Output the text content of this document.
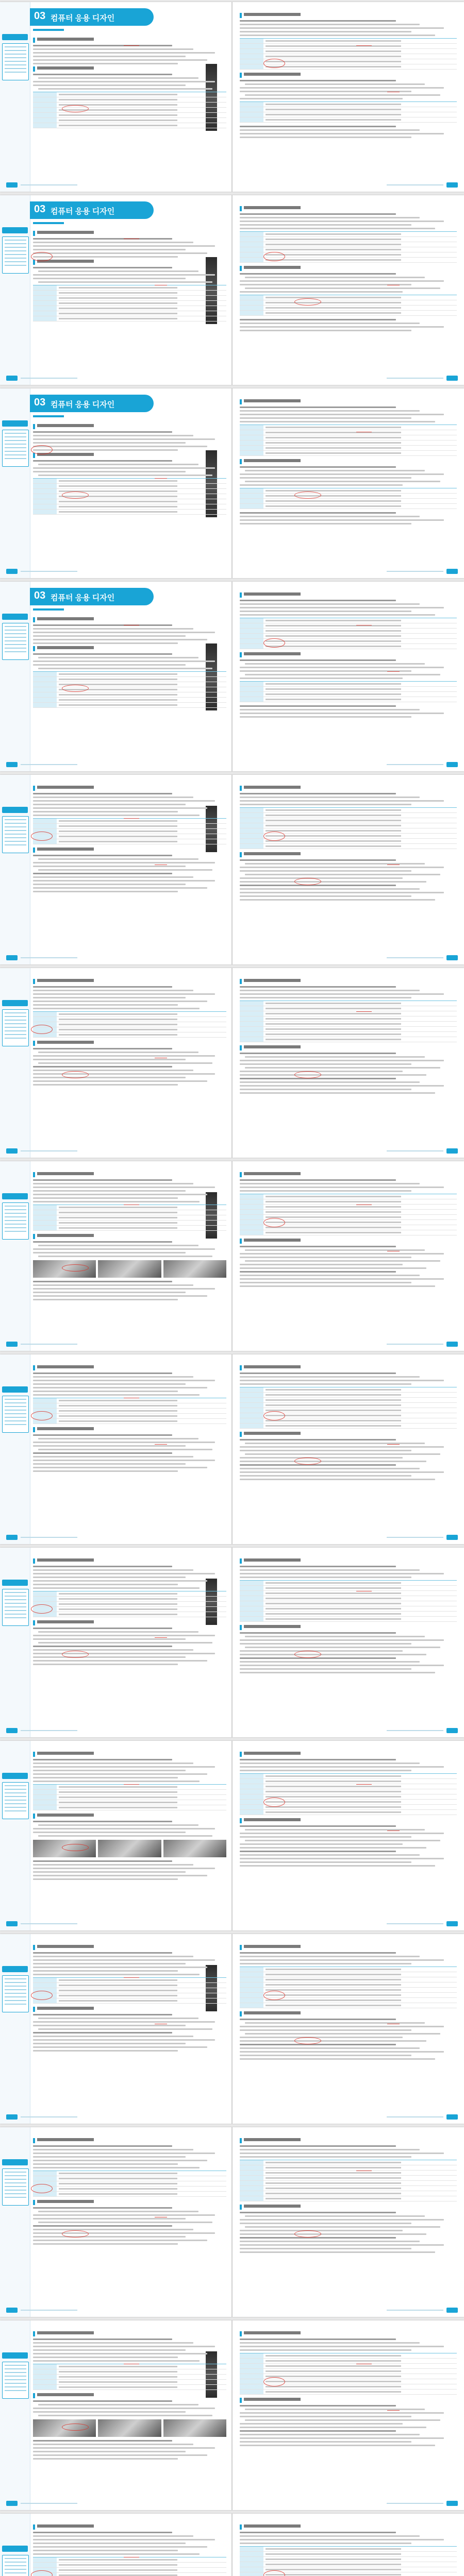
03 컴퓨터 응용 디자인
03 컴퓨터 응용 디자인
03 컴퓨터 응용 디자인
03 컴퓨터 응용 디자인
